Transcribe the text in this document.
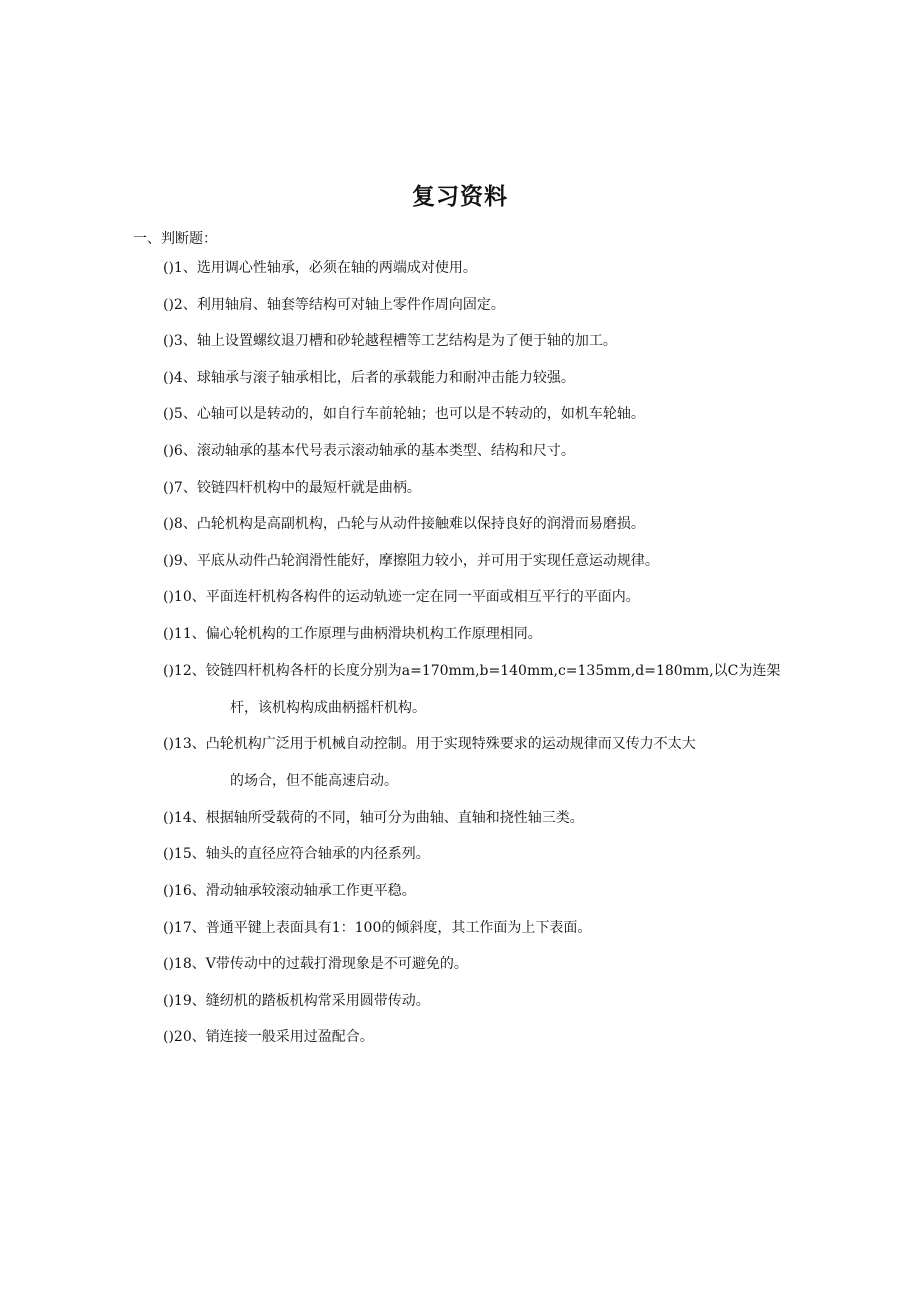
复习资料

一、判断题：

()1、选用调心性轴承，必须在轴的两端成对使用。
()2、利用轴肩、轴套等结构可对轴上零件作周向固定。
()3、轴上设置螺纹退刀槽和砂轮越程槽等工艺结构是为了便于轴的加工。
()4、球轴承与滚子轴承相比，后者的承载能力和耐冲击能力较强。
()5、心轴可以是转动的，如自行车前轮轴；也可以是不转动的，如机车轮轴。
()6、滚动轴承的基本代号表示滚动轴承的基本类型、结构和尺寸。
()7、铰链四杆机构中的最短杆就是曲柄。
()8、凸轮机构是高副机构，凸轮与从动件接触难以保持良好的润滑而易磨损。
()9、平底从动件凸轮润滑性能好，摩擦阻力较小，并可用于实现任意运动规律。
()10、平面连杆机构各构件的运动轨迹一定在同一平面或相互平行的平面内。
()11、偏心轮机构的工作原理与曲柄滑块机构工作原理相同。
()12、铰链四杆机构各杆的长度分别为a=170mm,b=140mm,c=135mm,d=180mm,以C为连架
杆，该机构构成曲柄摇杆机构。
()13、凸轮机构广泛用于机械自动控制。用于实现特殊要求的运动规律而又传力不太大
的场合，但不能高速启动。
()14、根据轴所受载荷的不同，轴可分为曲轴、直轴和挠性轴三类。
()15、轴头的直径应符合轴承的内径系列。
()16、滑动轴承较滚动轴承工作更平稳。
()17、普通平键上表面具有1：100的倾斜度，其工作面为上下表面。
()18、V带传动中的过载打滑现象是不可避免的。
()19、缝纫机的踏板机构常采用圆带传动。
()20、销连接一般采用过盈配合。
